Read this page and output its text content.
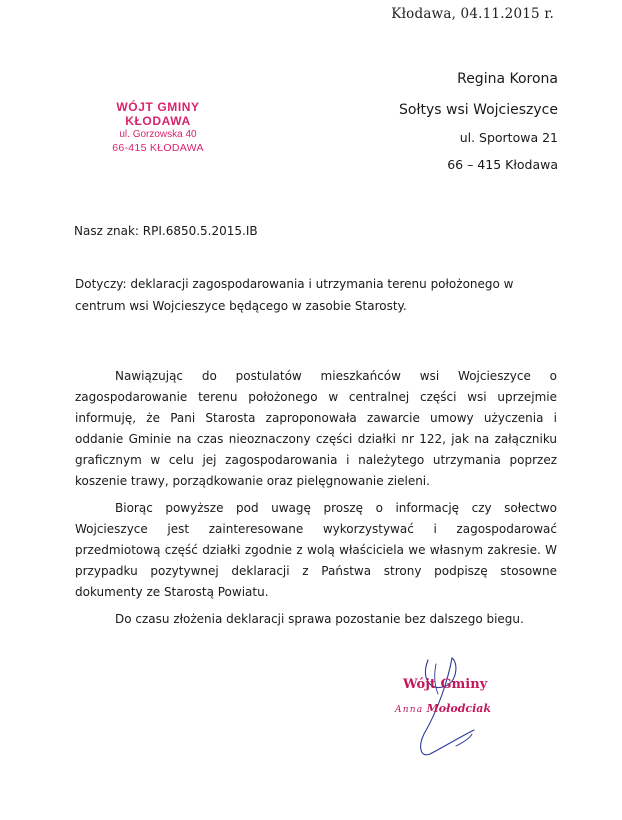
Kłodawa, 04.11.2015 r.
WÓJT GMINY KŁODAWA
ul. Gorzowska 40
66-415 KŁODAWA

Regina Korona

Sołtys wsi Wojcieszyce

ul. Sportowa 21

66 – 415 Kłodawa

Nasz znak: RPI.6850.5.2015.IB
Dotyczy: deklaracji zagospodarowania i utrzymania terenu położonego w centrum wsi Wojcieszyce będącego w zasobie Starosty.

Nawiązując do postulatów mieszkańców wsi Wojcieszyce o zagospodarowanie terenu położonego w centralnej części wsi uprzejmie informuję, że Pani Starosta zaproponowała zawarcie umowy użyczenia i oddanie Gminie na czas nieoznaczony części działki nr 122, jak na załączniku graficznym w celu jej zagospodarowania i należytego utrzymania poprzez koszenie trawy, porządkowanie oraz pielęgnowanie zieleni.

Biorąc powyższe pod uwagę proszę o informację czy sołectwo Wojcieszyce jest zainteresowane wykorzystywać i zagospodarować przedmiotową część działki zgodnie z wolą właściciela we własnym zakresie. W przypadku pozytywnej deklaracji z Państwa strony podpiszę stosowne dokumenty ze Starostą Powiatu.

Do czasu złożenia deklaracji sprawa pozostanie bez dalszego biegu.

Wójt Gminy
Anna Mołodciak
